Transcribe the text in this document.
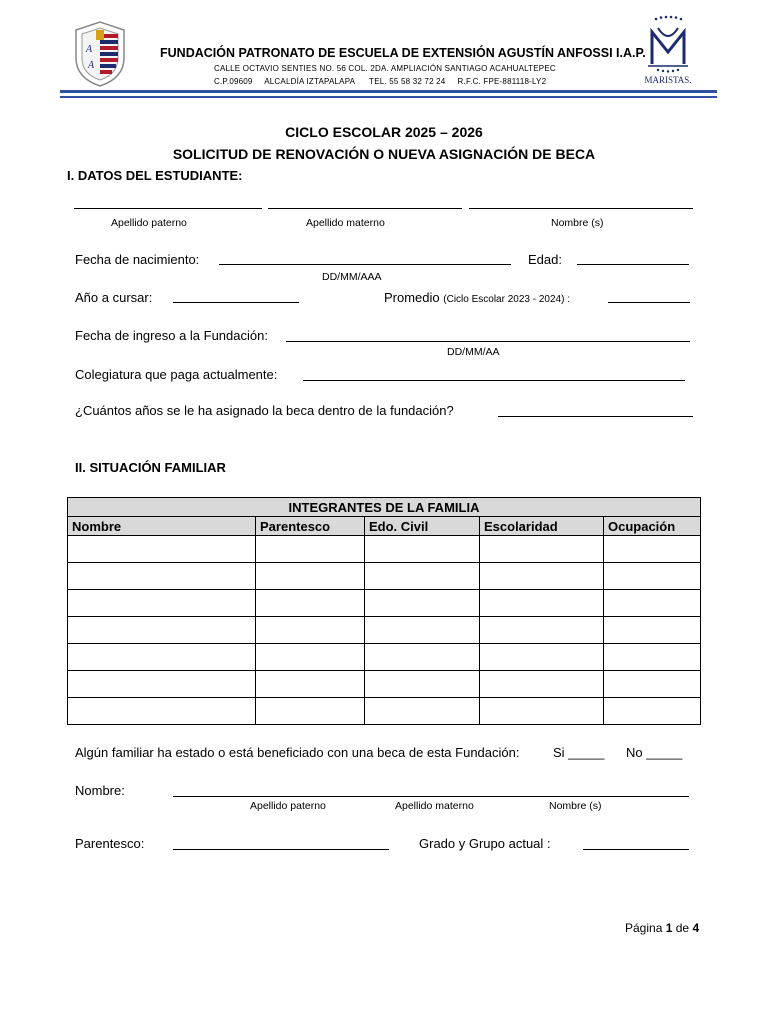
A
A
FUNDACIÓN PATRONATO DE ESCUELA DE EXTENSIÓN AGUSTÍN ANFOSSI I.A.P.
CALLE OCTAVIO SENTIES NO. 56 COL. 2DA. AMPLIACIÓN SANTIAGO ACAHUALTEPEC
C.P.09609     ALCALDÍA IZTAPALAPA      TEL. 55 58 32 72 24     R.F.C. FPE-881118-LY2	MARISTAS.
CICLO ESCOLAR 2025 – 2026
SOLICITUD DE RENOVACIÓN O NUEVA ASIGNACIÓN DE BECA
I. DATOS DEL ESTUDIANTE:
Apellido paterno	Apellido materno	Nombre (s)
Fecha de nacimiento:	Edad:
DD/MM/AAA
Año a cursar:	Promedio (Ciclo Escolar 2023 - 2024) :
Fecha de ingreso a la Fundación:
DD/MM/AA
Colegiatura que paga actualmente:
¿Cuántos años se le ha asignado la beca dentro de la fundación?
II. SITUACIÓN FAMILIAR
INTEGRANTES DE LA FAMILIA				
Nombre	Parentesco	Edo. Civil	Escolaridad	Ocupación

Algún familiar ha estado o está beneficiado con una beca de esta Fundación:	Si _____ No _____
Nombre:
Apellido paterno	Apellido materno	Nombre (s)
Parentesco:	Grado y Grupo actual :
Página 1 de 4
